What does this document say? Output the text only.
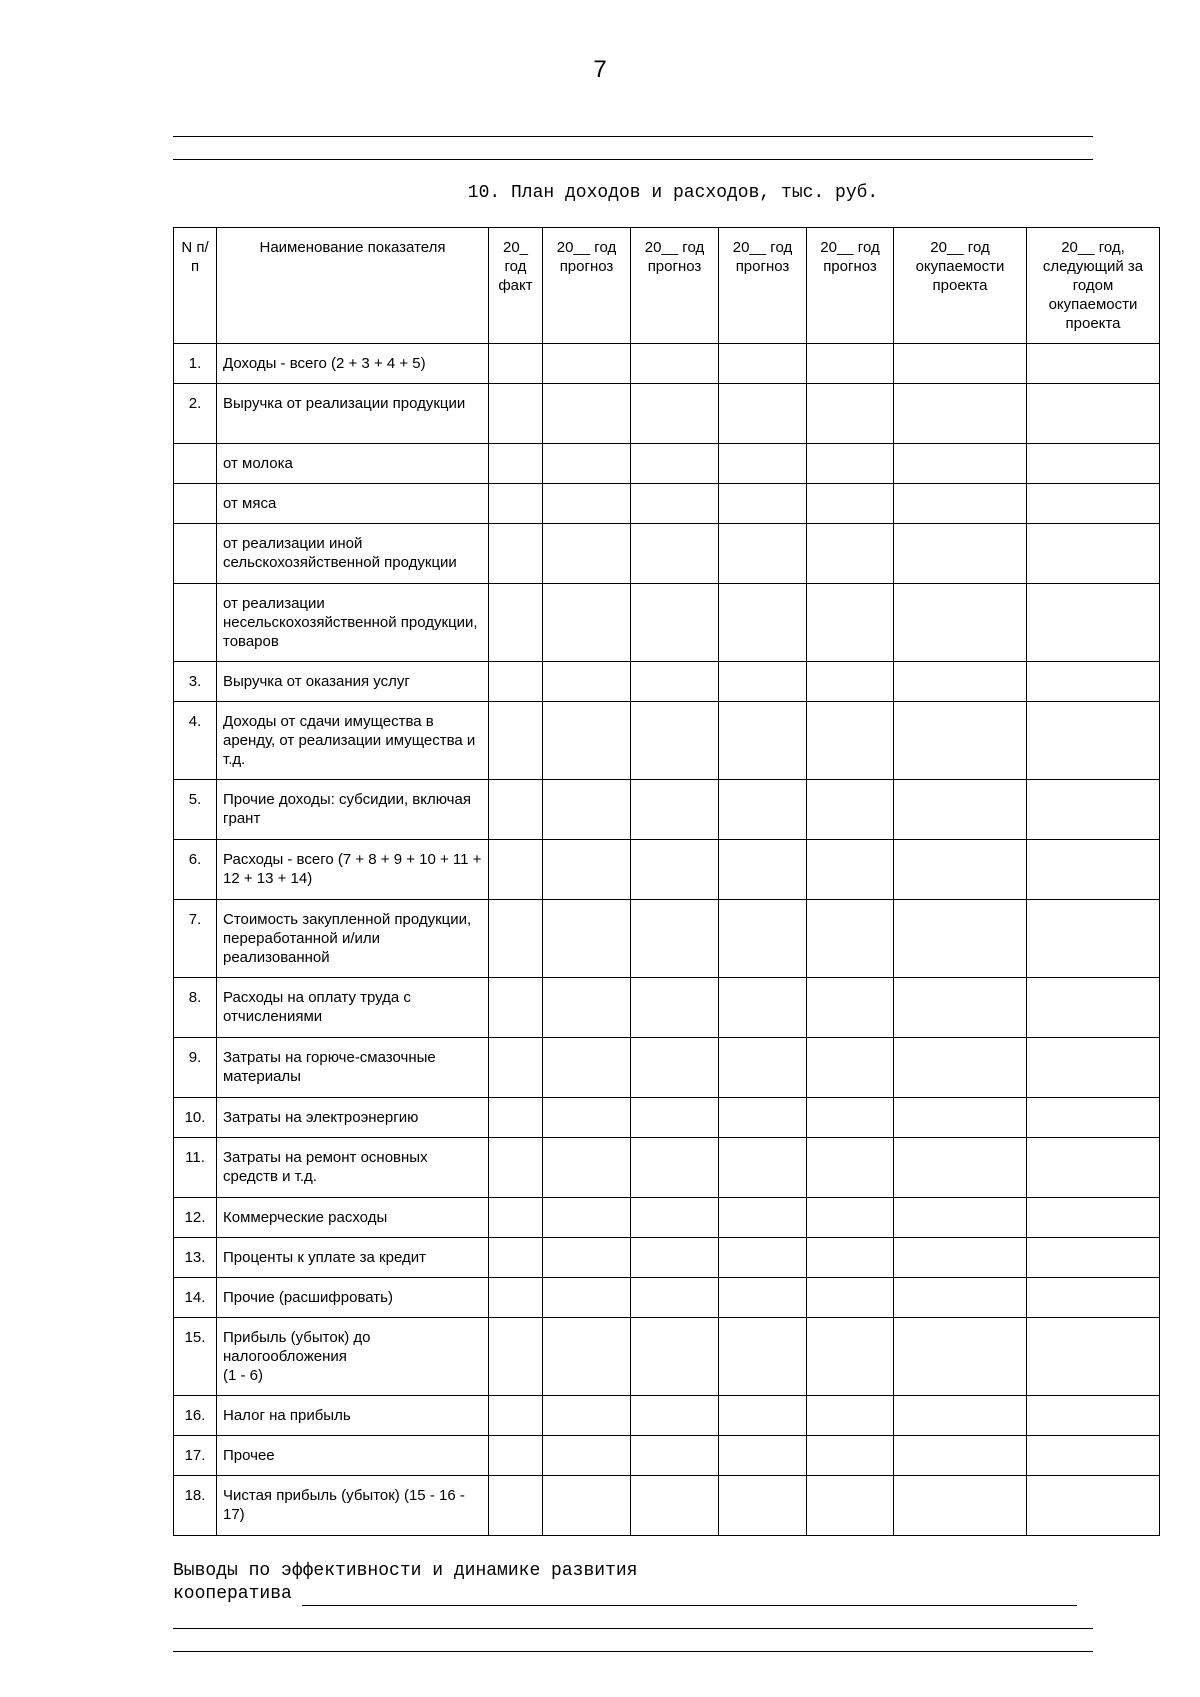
7
10. План доходов и расходов, тыс. руб.
N п/п	Наименование показателя	20_ год факт	20__ год прогноз	20__ год прогноз	20__ год прогноз	20__ год прогноз	20__ год окупаемости проекта	20__ год, следующий за годом окупаемости проекта
1.	Доходы - всего (2 + 3 + 4 + 5)							
2.	Выручка от реализации продукции							
	от молока							
	от мяса							
	от реализации иной сельскохозяйственной продукции							
	от реализации несельскохозяйственной продукции, товаров							
3.	Выручка от оказания услуг							
4.	Доходы от сдачи имущества в аренду, от реализации имущества и т.д.							
5.	Прочие доходы: субсидии, включая грант							
6.	Расходы - всего (7 + 8 + 9 + 10 + 11 + 12 + 13 + 14)							
7.	Стоимость закупленной продукции, переработанной и/или реализованной							
8.	Расходы на оплату труда с отчислениями							
9.	Затраты на горюче-смазочные материалы							
10.	Затраты на электроэнергию							
11.	Затраты на ремонт основных средств и т.д.							
12.	Коммерческие расходы							
13.	Проценты к уплате за кредит							
14.	Прочие (расшифровать)							
15.	Прибыль (убыток) до налогообложения
(1 - 6)							
16.	Налог на прибыль							
17.	Прочее							
18.	Чистая прибыль (убыток) (15 - 16 - 17)							
Выводы по эффективности и динамике развития
кооператива
